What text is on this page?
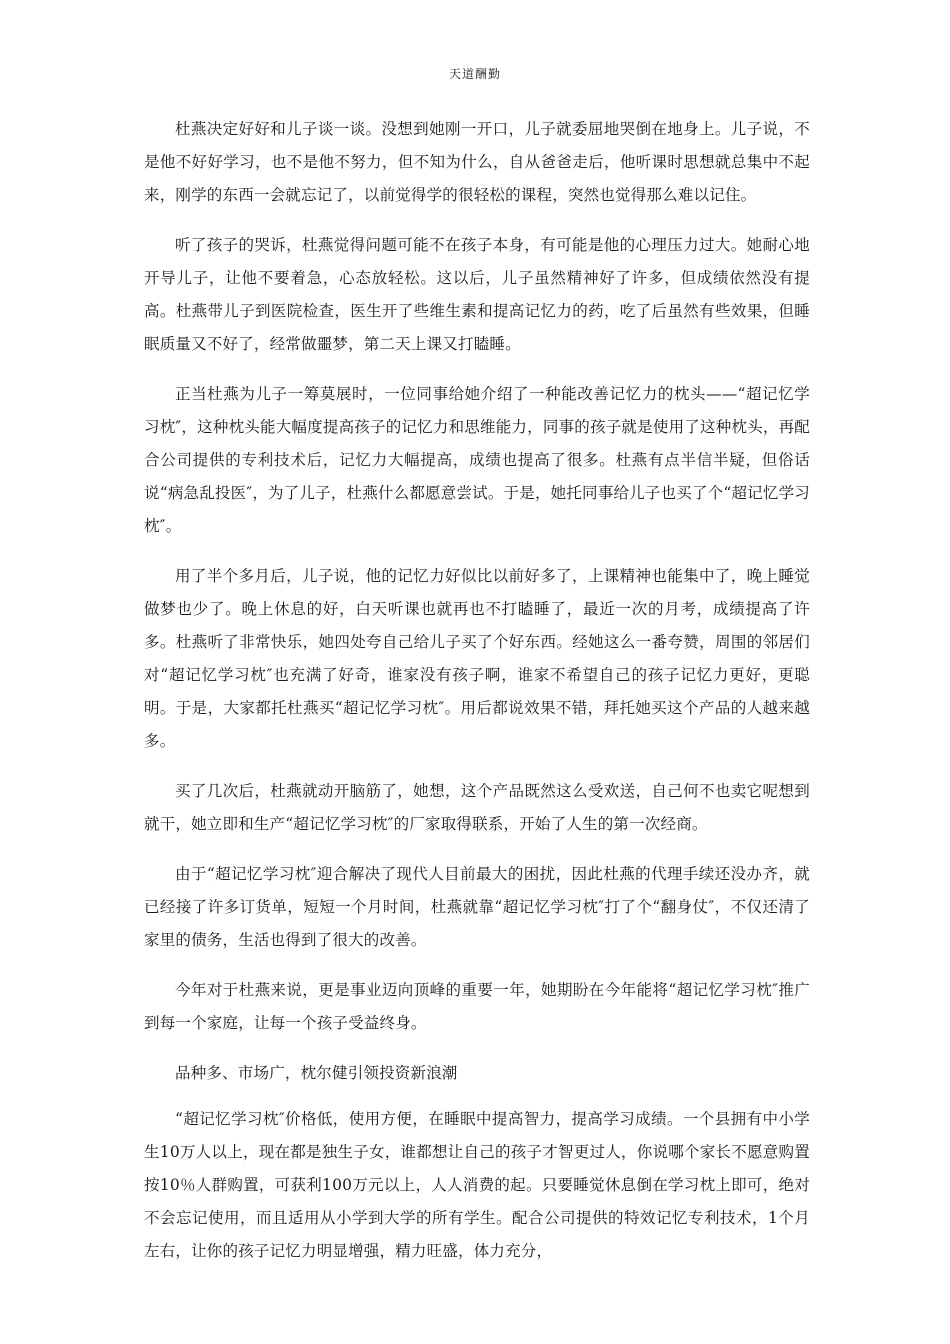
天道酬勤

杜燕决定好好和儿子谈一谈。没想到她刚一开口，儿子就委屈地哭倒在地身上。儿子说，不是他不好好学习，也不是他不努力，但不知为什么，自从爸爸走后，他听课时思想就总集中不起来，刚学的东西一会就忘记了，以前觉得学的很轻松的课程，突然也觉得那么难以记住。

听了孩子的哭诉，杜燕觉得问题可能不在孩子本身，有可能是他的心理压力过大。她耐心地开导儿子，让他不要着急，心态放轻松。这以后，儿子虽然精神好了许多，但成绩依然没有提高。杜燕带儿子到医院检查，医生开了些维生素和提高记忆力的药，吃了后虽然有些效果，但睡眠质量又不好了，经常做噩梦，第二天上课又打瞌睡。

正当杜燕为儿子一筹莫展时，一位同事给她介绍了一种能改善记忆力的枕头——“超记忆学习枕″，这种枕头能大幅度提高孩子的记忆力和思维能力，同事的孩子就是使用了这种枕头，再配合公司提供的专利技术后，记忆力大幅提高，成绩也提高了很多。杜燕有点半信半疑，但俗话说“病急乱投医″，为了儿子，杜燕什么都愿意尝试。于是，她托同事给儿子也买了个“超记忆学习枕″。

用了半个多月后，儿子说，他的记忆力好似比以前好多了，上课精神也能集中了，晚上睡觉做梦也少了。晚上休息的好，白天听课也就再也不打瞌睡了，最近一次的月考，成绩提高了许多。杜燕听了非常快乐，她四处夸自己给儿子买了个好东西。经她这么一番夸赞，周围的邻居们对“超记忆学习枕″也充满了好奇，谁家没有孩子啊，谁家不希望自己的孩子记忆力更好，更聪明。于是，大家都托杜燕买“超记忆学习枕″。用后都说效果不错，拜托她买这个产品的人越来越多。

买了几次后，杜燕就动开脑筋了，她想，这个产品既然这么受欢送，自己何不也卖它呢想到就干，她立即和生产“超记忆学习枕″的厂家取得联系，开始了人生的第一次经商。

由于“超记忆学习枕″迎合解决了现代人目前最大的困扰，因此杜燕的代理手续还没办齐，就已经接了许多订货单，短短一个月时间，杜燕就靠“超记忆学习枕″打了个“翻身仗″，不仅还清了家里的债务，生活也得到了很大的改善。

今年对于杜燕来说，更是事业迈向顶峰的重要一年，她期盼在今年能将“超记忆学习枕″推广到每一个家庭，让每一个孩子受益终身。

品种多、市场广，枕尔健引领投资新浪潮

“超记忆学习枕″价格低，使用方便，在睡眠中提高智力，提高学习成绩。一个县拥有中小学生10万人以上，现在都是独生子女，谁都想让自己的孩子才智更过人，你说哪个家长不愿意购置按10％人群购置，可获利100万元以上，人人消费的起。只要睡觉休息倒在学习枕上即可，绝对不会忘记使用，而且适用从小学到大学的所有学生。配合公司提供的特效记忆专利技术，1个月左右，让你的孩子记忆力明显增强，精力旺盛，体力充分，
